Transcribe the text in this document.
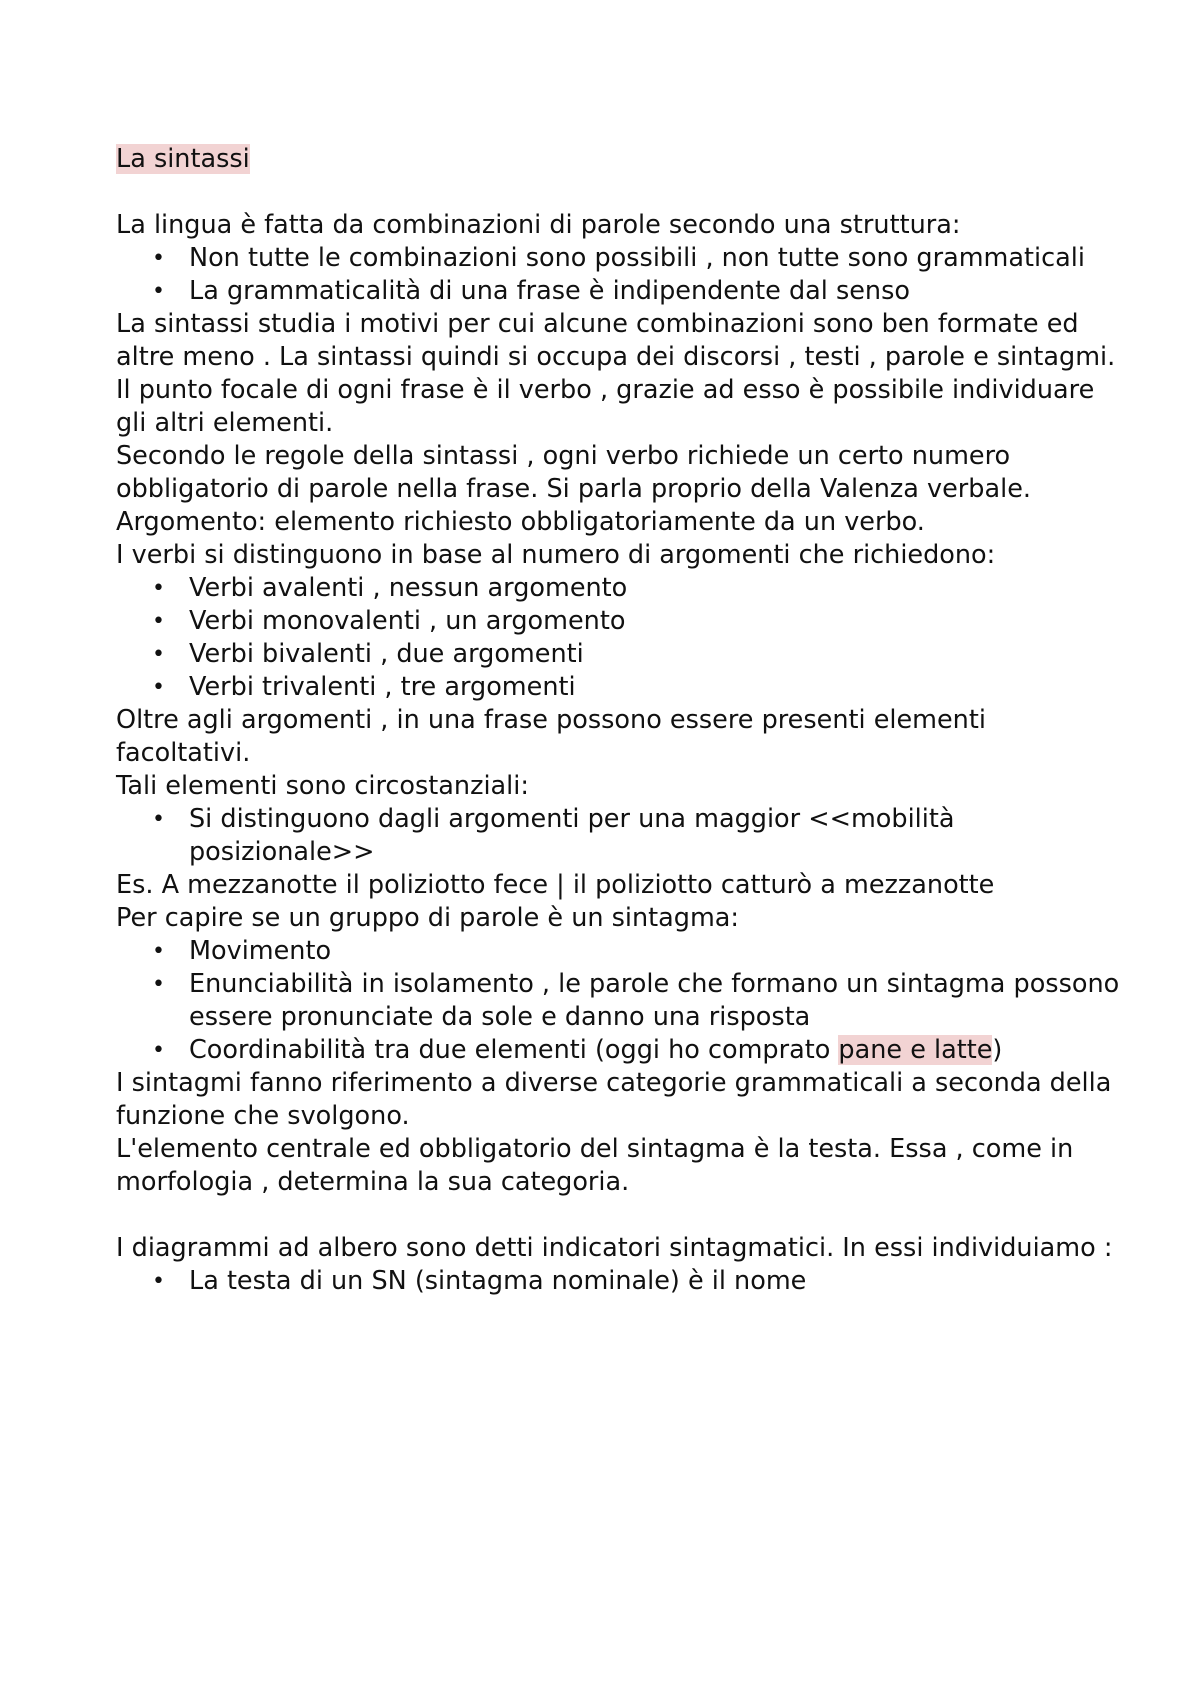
La sintassi

La lingua è fatta da combinazioni di parole secondo una struttura:

• Non tutte le combinazioni sono possibili , non tutte sono grammaticali
• La grammaticalità di una frase è indipendente dal senso

La sintassi studia i motivi per cui alcune combinazioni sono ben formate ed altre meno . La sintassi quindi si occupa dei discorsi , testi , parole e sintagmi.

Il punto focale di ogni frase è il verbo , grazie ad esso è possibile individuare gli altri elementi.

Secondo le regole della sintassi , ogni verbo richiede un certo numero obbligatorio di parole nella frase. Si parla proprio della Valenza verbale.

Argomento: elemento richiesto obbligatoriamente da un verbo.

I verbi si distinguono in base al numero di argomenti che richiedono:

• Verbi avalenti , nessun argomento
• Verbi monovalenti , un argomento
• Verbi bivalenti , due argomenti
• Verbi trivalenti , tre argomenti

Oltre agli argomenti , in una frase possono essere presenti elementi facoltativi.

Tali elementi sono circostanziali:

• Si distinguono dagli argomenti per una maggior <<mobilità posizionale>>

Es. A mezzanotte il poliziotto fece | il poliziotto catturò a mezzanotte

Per capire se un gruppo di parole è un sintagma:

• Movimento
• Enunciabilità in isolamento , le parole che formano un sintagma possono essere pronunciate da sole e danno una risposta
• Coordinabilità tra due elementi (oggi ho comprato pane e latte)

I sintagmi fanno riferimento a diverse categorie grammaticali a seconda della funzione che svolgono.

L'elemento centrale ed obbligatorio del sintagma è la testa. Essa , come in morfologia , determina la sua categoria.

I diagrammi ad albero sono detti indicatori sintagmatici. In essi individuiamo :

• La testa di un SN (sintagma nominale) è il nome
